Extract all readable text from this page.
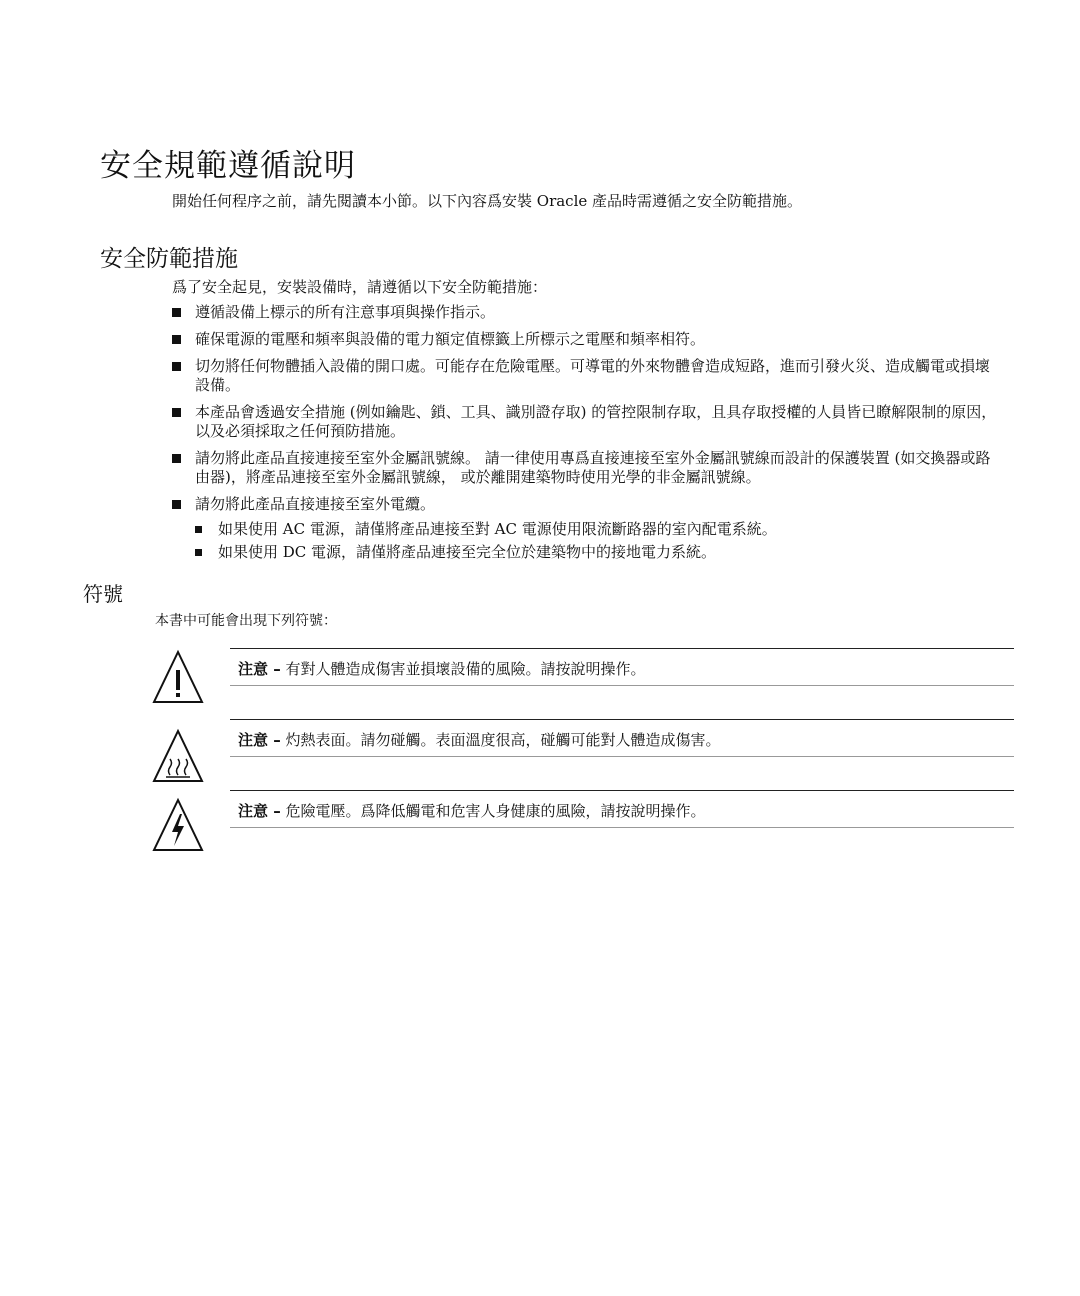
安全規範遵循說明

開始任何程序之前，請先閱讀本小節。以下內容爲安裝 Oracle 產品時需遵循之安全防範措施。

安全防範措施

爲了安全起見，安裝設備時，請遵循以下安全防範措施：

遵循設備上標示的所有注意事項與操作指示。
確保電源的電壓和頻率與設備的電力額定值標籤上所標示之電壓和頻率相符。
切勿將任何物體插入設備的開口處。可能存在危險電壓。可導電的外來物體會造成短路，進而引發火災、造成觸電或損壞設備。
本產品會透過安全措施 (例如鑰匙、鎖、工具、識別證存取) 的管控限制存取，且具存取授權的人員皆已瞭解限制的原因，以及必須採取之任何預防措施。
請勿將此產品直接連接至室外金屬訊號線。 請一律使用專爲直接連接至室外金屬訊號線而設計的保護裝置 (如交換器或路由器)，將產品連接至室外金屬訊號線， 或於離開建築物時使用光學的非金屬訊號線。
請勿將此產品直接連接至室外電纜。
如果使用 AC 電源，請僅將產品連接至對 AC 電源使用限流斷路器的室內配電系統。
如果使用 DC 電源，請僅將產品連接至完全位於建築物中的接地電力系統。
符號

本書中可能會出現下列符號：

注意 – 有對人體造成傷害並損壞設備的風險。請按說明操作。
注意 – 灼熱表面。請勿碰觸。表面溫度很高，碰觸可能對人體造成傷害。
注意 – 危險電壓。爲降低觸電和危害人身健康的風險，請按說明操作。
